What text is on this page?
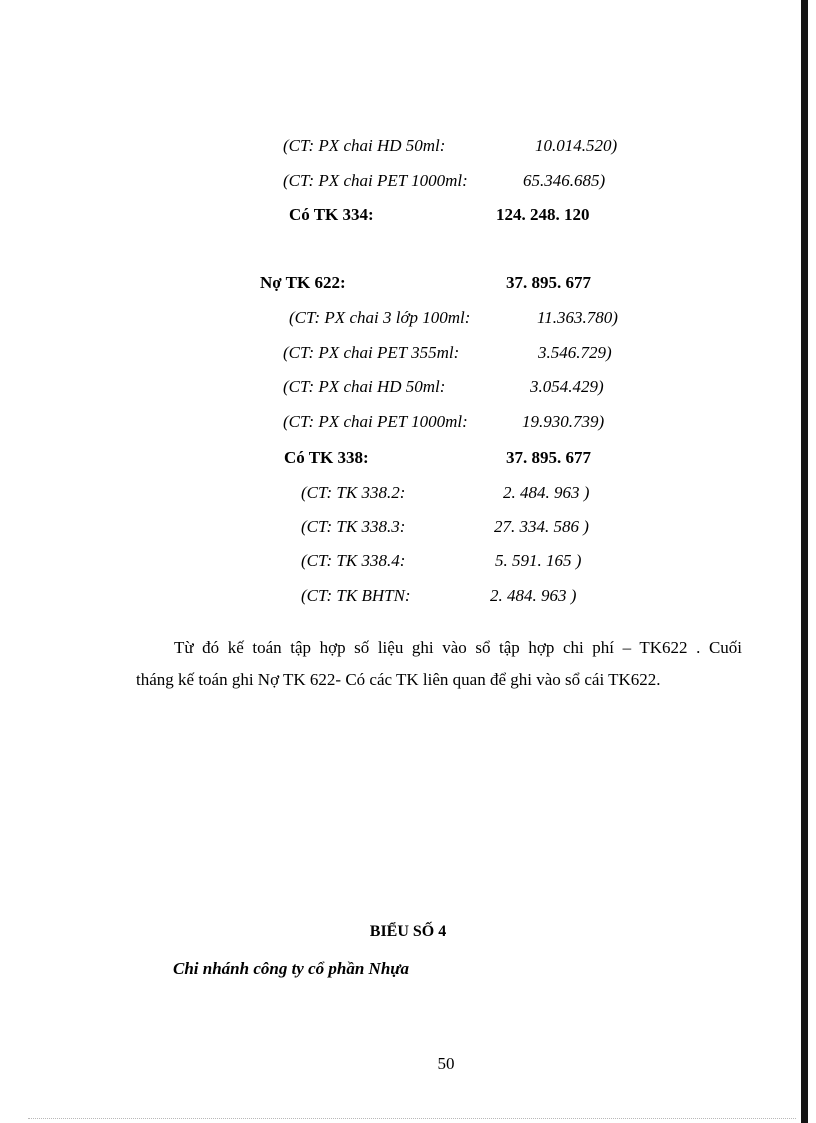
(CT: PX chai HD 50ml:	10.014.520)
(CT: PX chai PET 1000ml:	65.346.685)
Có TK 334:	124. 248. 120
Nợ TK 622:	37. 895. 677
(CT: PX chai 3 lớp 100ml:	11.363.780)
(CT: PX chai PET 355ml:	3.546.729)
(CT: PX chai HD 50ml:	3.054.429)
(CT: PX chai PET 1000ml:	19.930.739)
Có TK 338:	37. 895. 677
(CT: TK 338.2:	2. 484. 963 )
(CT: TK 338.3:	27. 334. 586 )
(CT: TK 338.4:	5. 591. 165 )
(CT: TK BHTN:	2. 484. 963 )
Từ đó kế toán tập hợp số liệu ghi vào sổ tập hợp chi phí – TK622 . Cuối
tháng kế toán ghi Nợ TK 622- Có các TK liên quan để ghi vào sổ cái TK622.
BIỂU SỐ 4
Chi nhánh công ty cổ phần Nhựa
50
